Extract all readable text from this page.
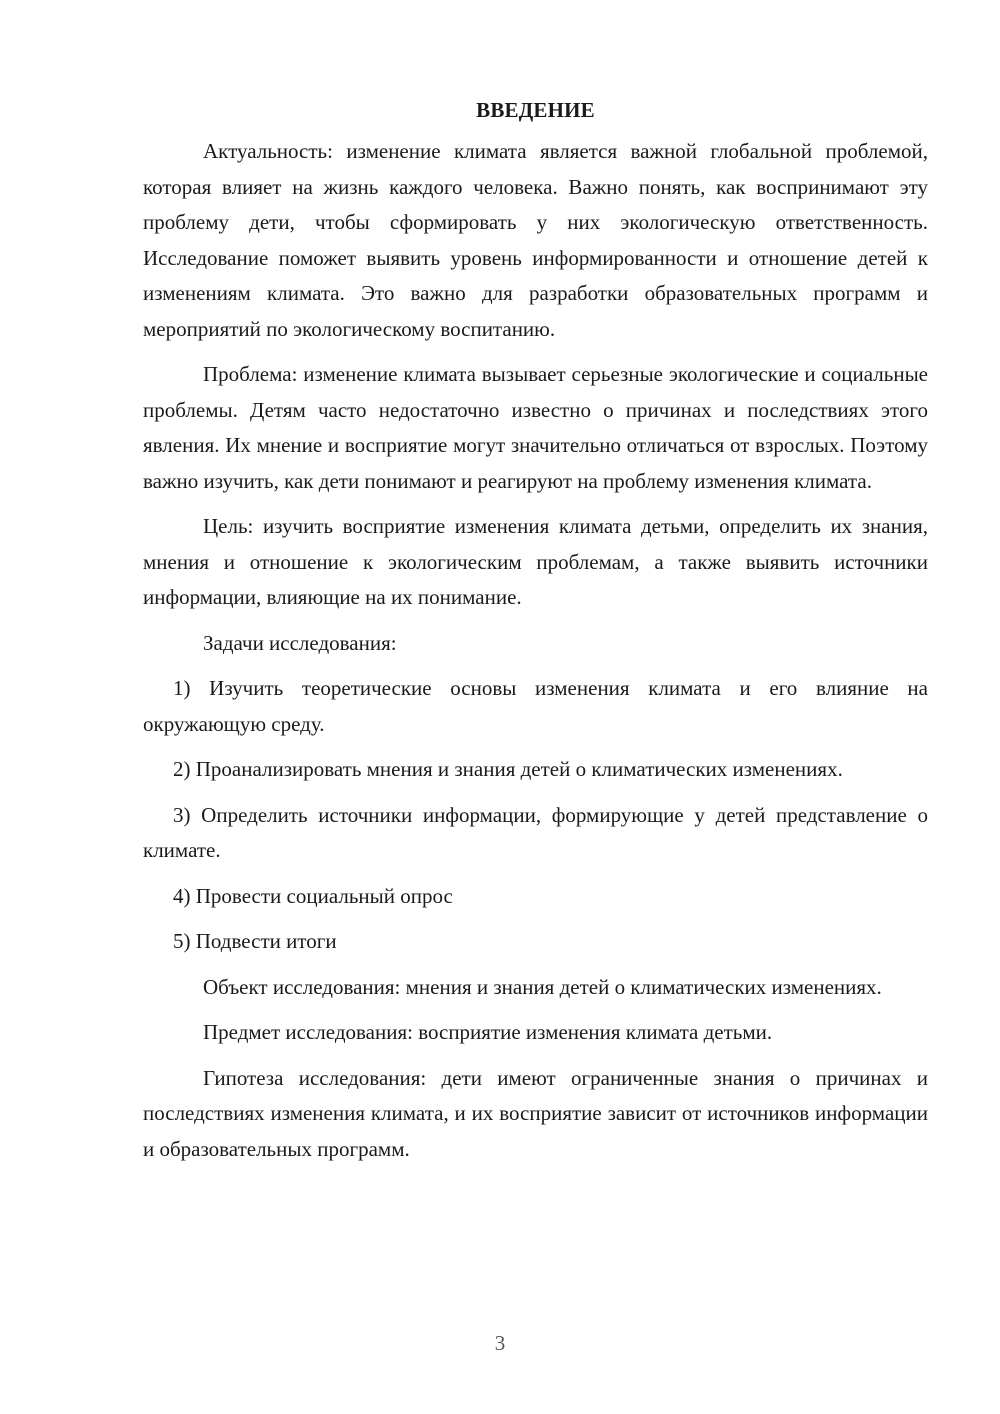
ВВЕДЕНИЕ
Актуальность: изменение климата является важной глобальной проблемой, которая влияет на жизнь каждого человека. Важно понять, как воспринимают эту проблему дети, чтобы сформировать у них экологическую ответственность. Исследование поможет выявить уровень информированности и отношение детей к изменениям климата. Это важно для разработки образовательных программ и мероприятий по экологическому воспитанию.
Проблема: изменение климата вызывает серьезные экологические и социальные проблемы. Детям часто недостаточно известно о причинах и последствиях этого явления. Их мнение и восприятие могут значительно отличаться от взрослых. Поэтому важно изучить, как дети понимают и реагируют на проблему изменения климата.
Цель: изучить восприятие изменения климата детьми, определить их знания, мнения и отношение к экологическим проблемам, а также выявить источники информации, влияющие на их понимание.
Задачи исследования:
1) Изучить теоретические основы изменения климата и его влияние на окружающую среду.
2) Проанализировать мнения и знания детей о климатических изменениях.
3) Определить источники информации, формирующие у детей представление о климате.
4) Провести социальный опрос
5) Подвести итоги
Объект исследования: мнения и знания детей о климатических изменениях.
Предмет исследования: восприятие изменения климата детьми.
Гипотеза исследования: дети имеют ограниченные знания о причинах и последствиях изменения климата, и их восприятие зависит от источников информации и образовательных программ.
3
